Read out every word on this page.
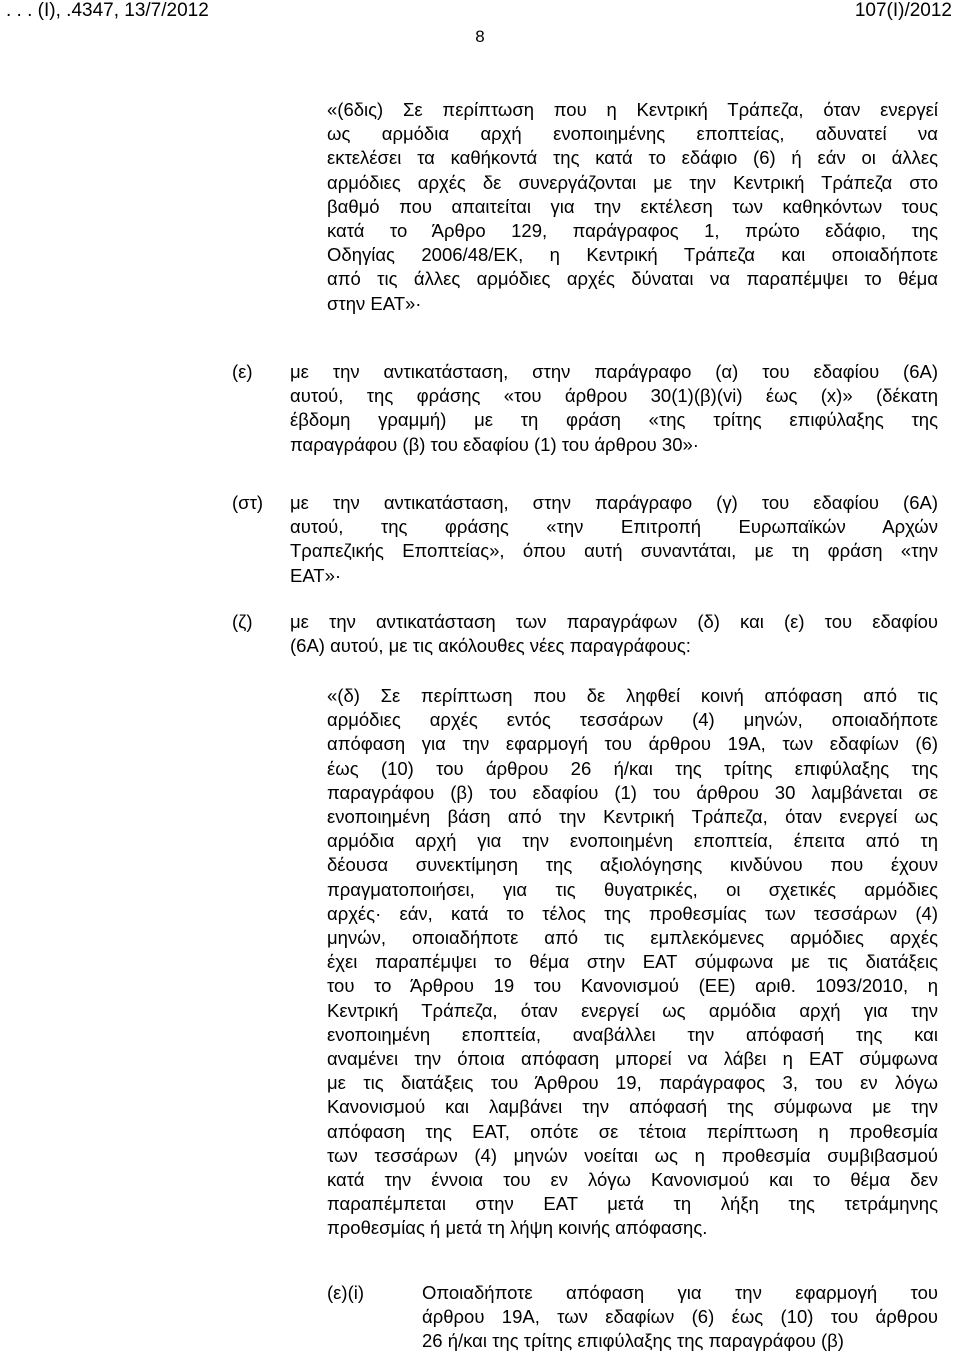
. . . (I), .4347, 13/7/2012	107(I)/2012
8
«(6δις) Σε περίπτωση που η Κεντρική Τράπεζα, όταν ενεργεί
ως αρμόδια αρχή ενοποιημένης εποπτείας, αδυνατεί να
εκτελέσει τα καθήκοντά της κατά το εδάφιο (6) ή εάν οι άλλες
αρμόδιες αρχές δε συνεργάζονται με την Κεντρική Τράπεζα στο
βαθμό που απαιτείται για την εκτέλεση των καθηκόντων τους
κατά το Άρθρο 129, παράγραφος 1, πρώτο εδάφιο, της
Οδηγίας 2006/48/ΕΚ, η Κεντρική Τράπεζα και οποιαδήποτε
από τις άλλες αρμόδιες αρχές δύναται να παραπέμψει το θέμα
στην ΕΑΤ»·
(ε) με την αντικατάσταση, στην παράγραφο (α) του εδαφίου (6Α)
αυτού, της φράσης «του άρθρου 30(1)(β)(vi) έως (x)» (δέκατη
έβδομη γραμμή) με τη φράση «της τρίτης επιφύλαξης της
παραγράφου (β) του εδαφίου (1) του άρθρου 30»·
(στ) με την αντικατάσταση, στην παράγραφο (γ) του εδαφίου (6Α)
αυτού, της φράσης «την Επιτροπή Ευρωπαϊκών Αρχών
Τραπεζικής Εποπτείας», όπου αυτή συναντάται, με τη φράση «την
ΕΑΤ»·
(ζ) με την αντικατάσταση των παραγράφων (δ) και (ε) του εδαφίου
(6Α) αυτού, με τις ακόλουθες νέες παραγράφους:
«(δ) Σε περίπτωση που δε ληφθεί κοινή απόφαση από τις
αρμόδιες αρχές εντός τεσσάρων (4) μηνών, οποιαδήποτε
απόφαση για την εφαρμογή του άρθρου 19Α, των εδαφίων (6)
έως (10) του άρθρου 26 ή/και της τρίτης επιφύλαξης της
παραγράφου (β) του εδαφίου (1) του άρθρου 30 λαμβάνεται σε
ενοποιημένη βάση από την Κεντρική Τράπεζα, όταν ενεργεί ως
αρμόδια αρχή για την ενοποιημένη εποπτεία, έπειτα από τη
δέουσα συνεκτίμηση της αξιολόγησης κινδύνου που έχουν
πραγματοποιήσει, για τις θυγατρικές, οι σχετικές αρμόδιες
αρχές· εάν, κατά το τέλος της προθεσμίας των τεσσάρων (4)
μηνών, οποιαδήποτε από τις εμπλεκόμενες αρμόδιες αρχές
έχει παραπέμψει το θέμα στην ΕΑΤ σύμφωνα με τις διατάξεις
του το Άρθρου 19 του Κανονισμού (ΕΕ) αριθ. 1093/2010, η
Κεντρική Τράπεζα, όταν ενεργεί ως αρμόδια αρχή για την
ενοποιημένη εποπτεία, αναβάλλει την απόφασή της και
αναμένει την όποια απόφαση μπορεί να λάβει η ΕΑΤ σύμφωνα
με τις διατάξεις του Άρθρου 19, παράγραφος 3, του εν λόγω
Κανονισμού και λαμβάνει την απόφασή της σύμφωνα με την
απόφαση της ΕΑΤ, οπότε σε τέτοια περίπτωση η προθεσμία
των τεσσάρων (4) μηνών νοείται ως η προθεσμία συμβιβασμού
κατά την έννοια του εν λόγω Κανονισμού και το θέμα δεν
παραπέμπεται στην ΕΑΤ μετά τη λήξη της τετράμηνης
προθεσμίας ή μετά τη λήψη κοινής απόφασης.
(ε)(i)	Οποιαδήποτε απόφαση για την εφαρμογή του
άρθρου 19Α, των εδαφίων (6) έως (10) του άρθρου
26 ή/και της τρίτης επιφύλαξης της παραγράφου (β)
